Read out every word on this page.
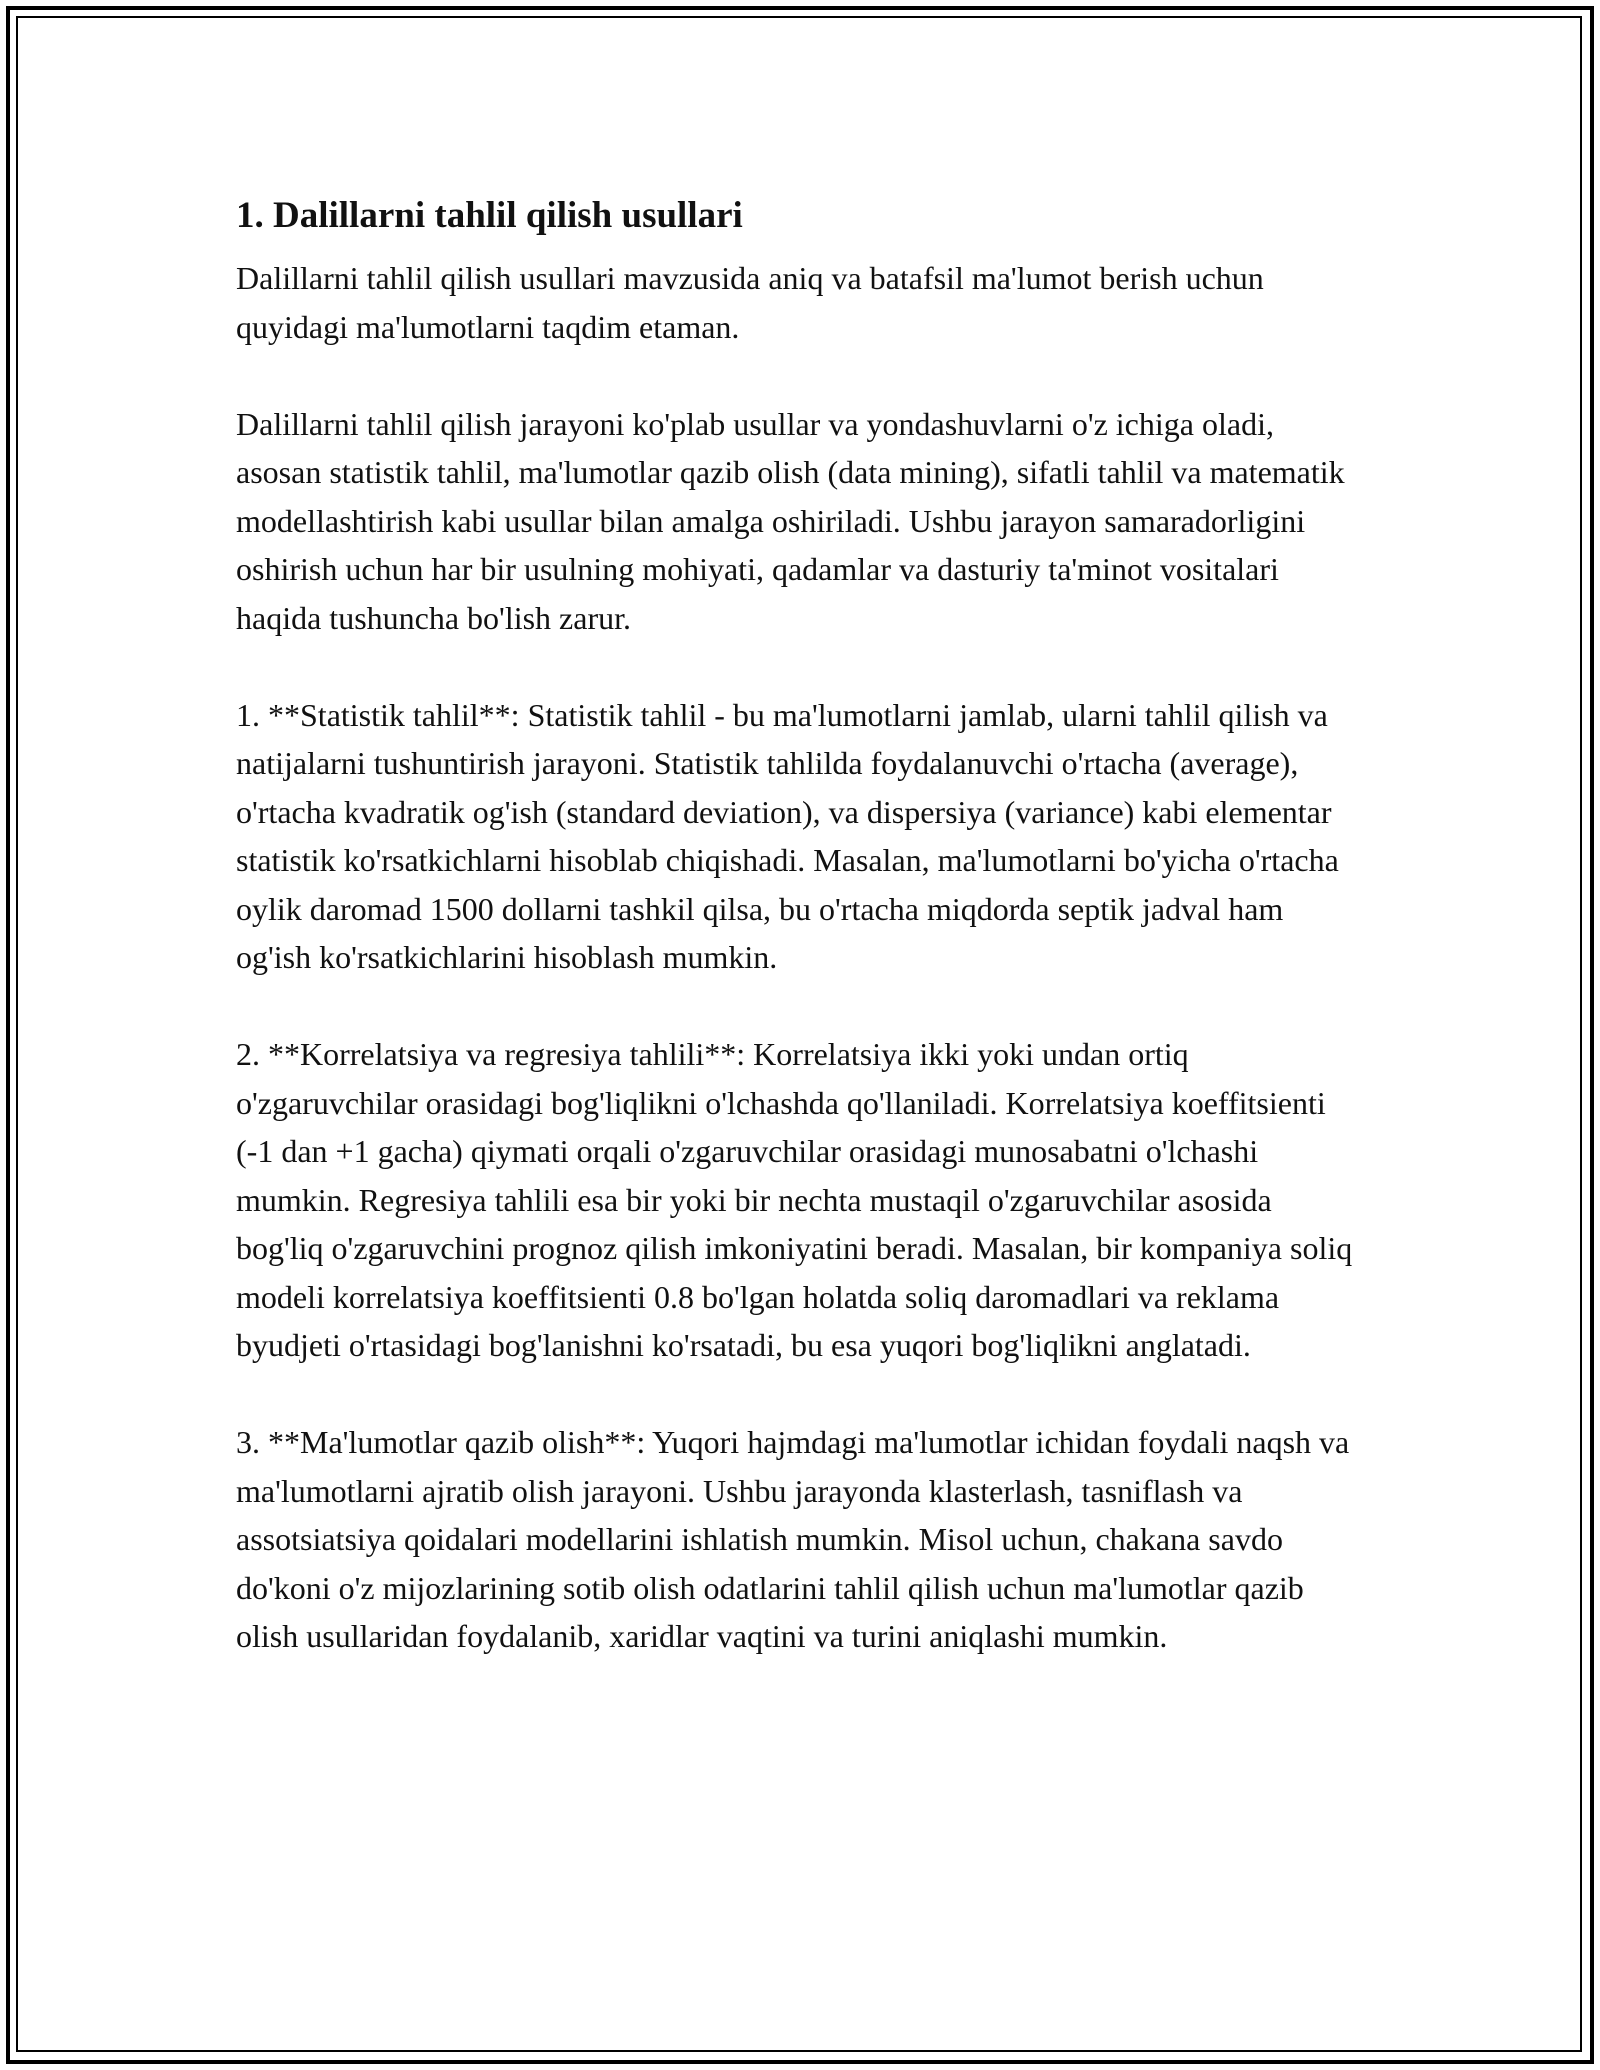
1. Dalillarni tahlil qilish usullari

Dalillarni tahlil qilish usullari mavzusida aniq va batafsil ma'lumot berish uchun quyidagi ma'lumotlarni taqdim etaman.

Dalillarni tahlil qilish jarayoni ko'plab usullar va yondashuvlarni o'z ichiga oladi, asosan statistik tahlil, ma'lumotlar qazib olish (data mining), sifatli tahlil va matematik modellashtirish kabi usullar bilan amalga oshiriladi. Ushbu jarayon samaradorligini oshirish uchun har bir usulning mohiyati, qadamlar va dasturiy ta'minot vositalari haqida tushuncha bo'lish zarur.

1. **Statistik tahlil**: Statistik tahlil - bu ma'lumotlarni jamlab, ularni tahlil qilish va natijalarni tushuntirish jarayoni. Statistik tahlilda foydalanuvchi o'rtacha (average), o'rtacha kvadratik og'ish (standard deviation), va dispersiya (variance) kabi elementar statistik ko'rsatkichlarni hisoblab chiqishadi. Masalan, ma'lumotlarni bo'yicha o'rtacha oylik daromad 1500 dollarni tashkil qilsa, bu o'rtacha miqdorda septik jadval ham og'ish ko'rsatkichlarini hisoblash mumkin.

2. **Korrelatsiya va regresiya tahlili**: Korrelatsiya ikki yoki undan ortiq o'zgaruvchilar orasidagi bog'liqlikni o'lchashda qo'llaniladi. Korrelatsiya koeffitsienti (-1 dan +1 gacha) qiymati orqali o'zgaruvchilar orasidagi munosabatni o'lchashi mumkin. Regresiya tahlili esa bir yoki bir nechta mustaqil o'zgaruvchilar asosida bog'liq o'zgaruvchini prognoz qilish imkoniyatini beradi. Masalan, bir kompaniya soliq modeli korrelatsiya koeffitsienti 0.8 bo'lgan holatda soliq daromadlari va reklama byudjeti o'rtasidagi bog'lanishni ko'rsatadi, bu esa yuqori bog'liqlikni anglatadi.

3. **Ma'lumotlar qazib olish**: Yuqori hajmdagi ma'lumotlar ichidan foydali naqsh va ma'lumotlarni ajratib olish jarayoni. Ushbu jarayonda klasterlash, tasniflash va assotsiatsiya qoidalari modellarini ishlatish mumkin. Misol uchun, chakana savdo do'koni o'z mijozlarining sotib olish odatlarini tahlil qilish uchun ma'lumotlar qazib olish usullaridan foydalanib, xaridlar vaqtini va turini aniqlashi mumkin.
